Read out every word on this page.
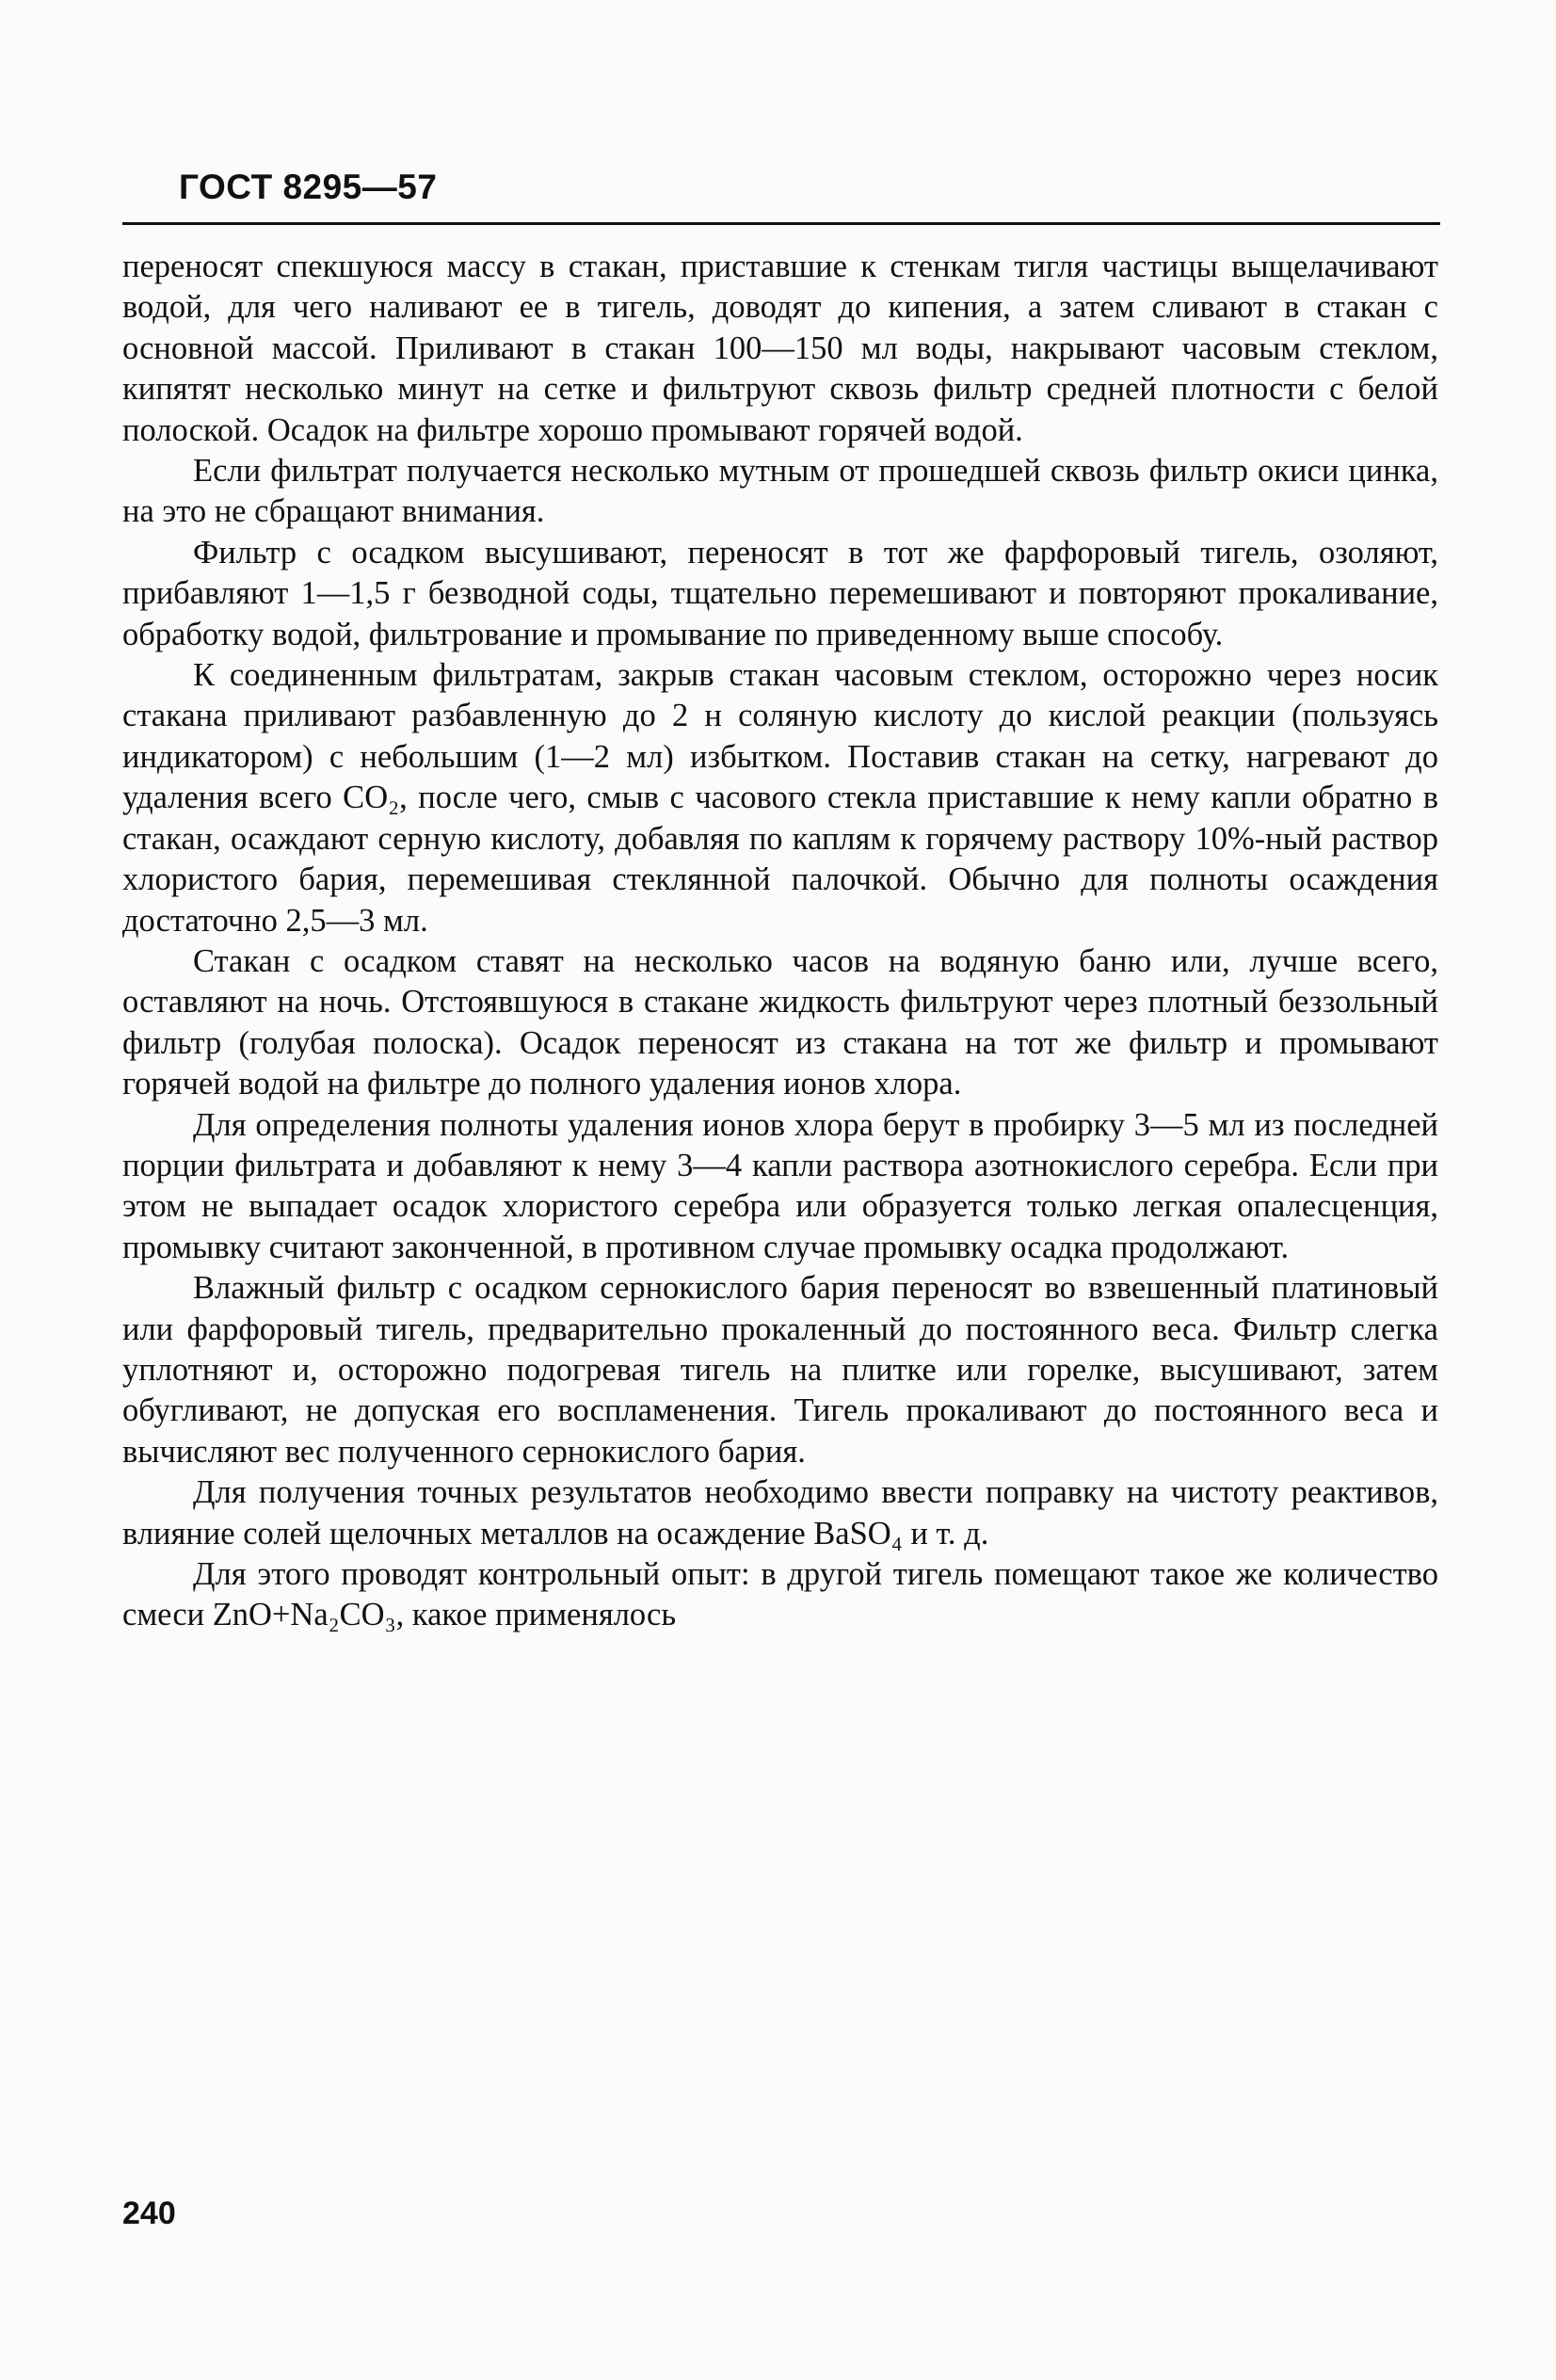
ГОСТ 8295—57

переносят спекшуюся массу в стакан, приставшие к стенкам тигля частицы выщелачивают водой, для чего наливают ее в тигель, доводят до кипения, а затем сливают в стакан с основной массой. Приливают в стакан 100—150 мл воды, накрывают часовым стеклом, кипятят несколько минут на сетке и фильтруют сквозь фильтр средней плотности с белой полоской. Осадок на фильтре хорошо промывают горячей водой.

Если фильтрат получается несколько мутным от прошедшей сквозь фильтр окиси цинка, на это не сбращают внимания.

Фильтр с осадком высушивают, переносят в тот же фарфоровый тигель, озоляют, прибавляют 1—1,5 г безводной соды, тщательно перемешивают и повторяют прокаливание, обработку водой, фильтрование и промывание по приведенному выше способу.

К соединенным фильтратам, закрыв стакан часовым стеклом, осторожно через носик стакана приливают разбавленную до 2 н соляную кислоту до кислой реакции (пользуясь индикатором) с небольшим (1—2 мл) избытком. Поставив стакан на сетку, нагревают до удаления всего СО₂, после чего, смыв с часового стекла приставшие к нему капли обратно в стакан, осаждают серную кислоту, добавляя по каплям к горячему раствору 10%-ный раствор хлористого бария, перемешивая стеклянной палочкой. Обычно для полноты осаждения достаточно 2,5—3 мл.

Стакан с осадком ставят на несколько часов на водяную баню или, лучше всего, оставляют на ночь. Отстоявшуюся в стакане жидкость фильтруют через плотный беззольный фильтр (голубая полоска). Осадок переносят из стакана на тот же фильтр и промывают горячей водой на фильтре до полного удаления ионов хлора.

Для определения полноты удаления ионов хлора берут в пробирку 3—5 мл из последней порции фильтрата и добавляют к нему 3—4 капли раствора азотнокислого серебра. Если при этом не выпадает осадок хлористого серебра или образуется только легкая опалесценция, промывку считают законченной, в противном случае промывку осадка продолжают.

Влажный фильтр с осадком сернокислого бария переносят во взвешенный платиновый или фарфоровый тигель, предварительно прокаленный до постоянного веса. Фильтр слегка уплотняют и, осторожно подогревая тигель на плитке или горелке, высушивают, затем обугливают, не допуская его воспламенения. Тигель прокаливают до постоянного веса и вычисляют вес полученного сернокислого бария.

Для получения точных результатов необходимо ввести поправку на чистоту реактивов, влияние солей щелочных металлов на осаждение BaSO₄ и т. д.

Для этого проводят контрольный опыт: в другой тигель помещают такое же количество смеси ZnO+Na₂CO₃, какое применялось

240
